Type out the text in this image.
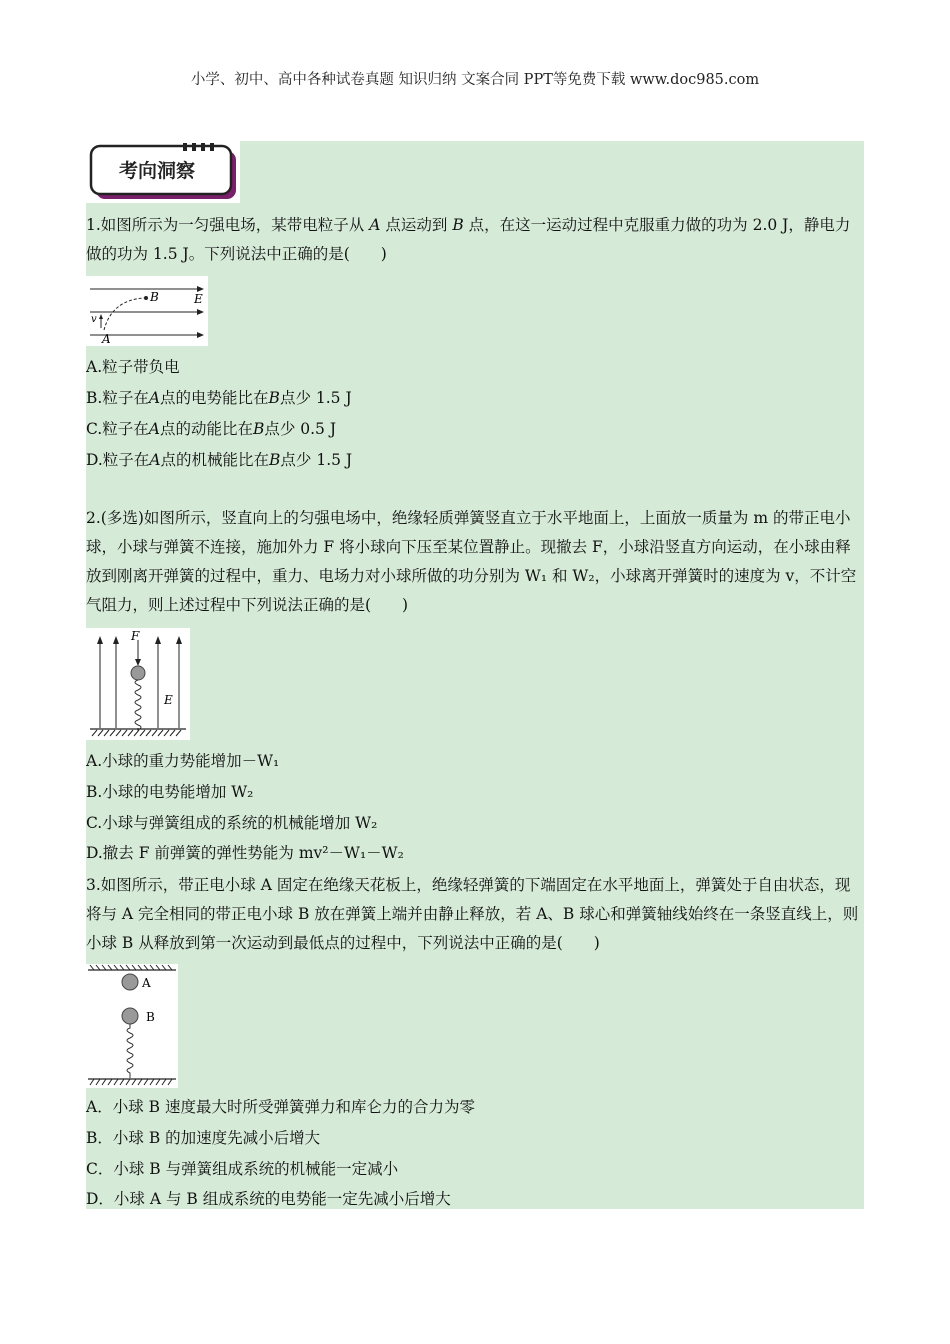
小学、初中、高中各种试卷真题 知识归纳 文案合同 PPT等免费下载 www.doc985.com
考向洞察
1.如图所示为一匀强电场，某带电粒子从 A 点运动到 B 点，在这一运动过程中克服重力做的功为 2.0 J，静电力做的功为 1.5 J。下列说法中正确的是(　　)
B	E
v
A
A.粒子带负电
B.粒子在A点的电势能比在B点少 1.5 J
C.粒子在A点的动能比在B点少 0.5 J
D.粒子在A点的机械能比在B点少 1.5 J
2.(多选)如图所示，竖直向上的匀强电场中，绝缘轻质弹簧竖直立于水平地面上，上面放一质量为 m 的带正电小球，小球与弹簧不连接，施加外力 F 将小球向下压至某位置静止。现撤去 F，小球沿竖直方向运动，在小球由释放到刚离开弹簧的过程中，重力、电场力对小球所做的功分别为 W₁ 和 W₂，小球离开弹簧时的速度为 v，不计空气阻力，则上述过程中下列说法正确的是(　　)
F
E
A.小球的重力势能增加－W₁
B.小球的电势能增加 W₂
C.小球与弹簧组成的系统的机械能增加 W₂
D.撤去 F 前弹簧的弹性势能为 mv²－W₁－W₂
3.如图所示，带正电小球 A 固定在绝缘天花板上，绝缘轻弹簧的下端固定在水平地面上，弹簧处于自由状态，现将与 A 完全相同的带正电小球 B 放在弹簧上端并由静止释放，若 A、B 球心和弹簧轴线始终在一条竖直线上，则小球 B 从释放到第一次运动到最低点的过程中，下列说法中正确的是(　　)
A
B
A．小球 B 速度最大时所受弹簧弹力和库仑力的合力为零
B．小球 B 的加速度先减小后增大
C．小球 B 与弹簧组成系统的机械能一定减小
D．小球 A 与 B 组成系统的电势能一定先减小后增大
